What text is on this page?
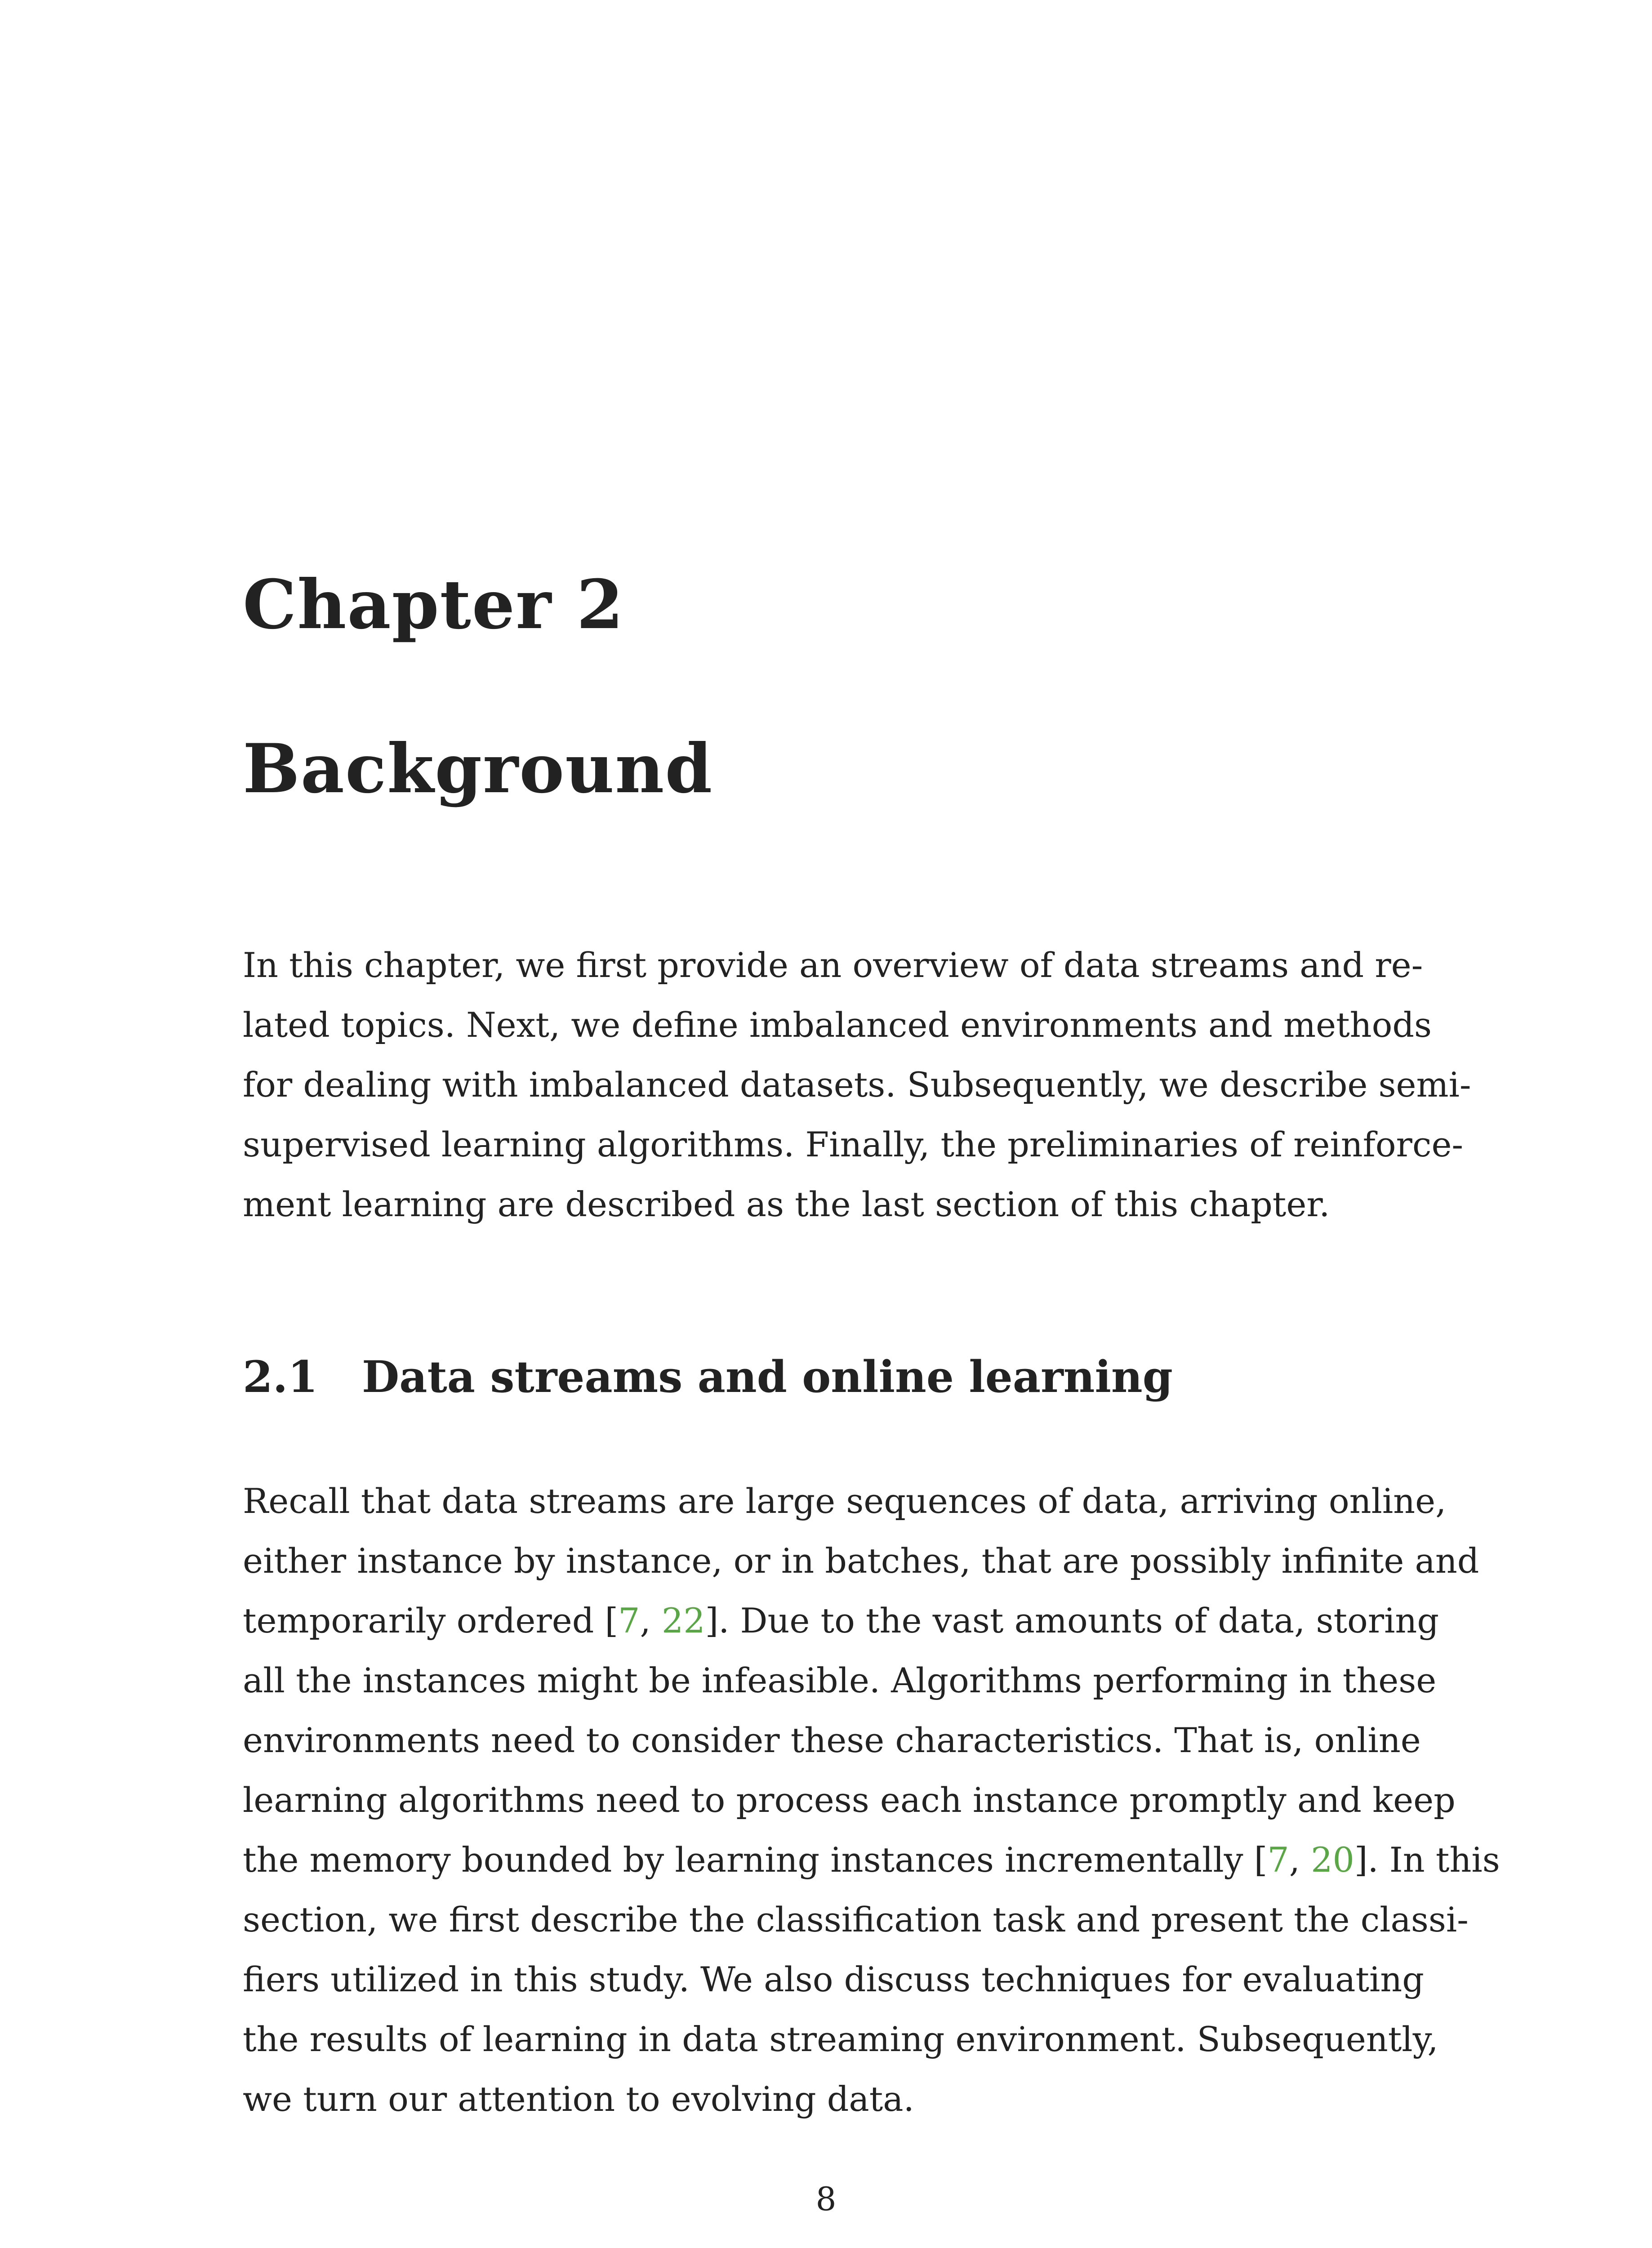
Chapter 2
Background
In this chapter, we first provide an overview of data streams and re-
lated topics. Next, we define imbalanced environments and methods
for dealing with imbalanced datasets. Subsequently, we describe semi-
supervised learning algorithms. Finally, the preliminaries of reinforce-
ment learning are described as the last section of this chapter.
2.1 Data streams and online learning
Recall that data streams are large sequences of data, arriving online,
either instance by instance, or in batches, that are possibly infinite and
temporarily ordered [7, 22]. Due to the vast amounts of data, storing
all the instances might be infeasible. Algorithms performing in these
environments need to consider these characteristics. That is, online
learning algorithms need to process each instance promptly and keep
the memory bounded by learning instances incrementally [7, 20]. In this
section, we first describe the classification task and present the classi-
fiers utilized in this study. We also discuss techniques for evaluating
the results of learning in data streaming environment. Subsequently,
we turn our attention to evolving data.
8
